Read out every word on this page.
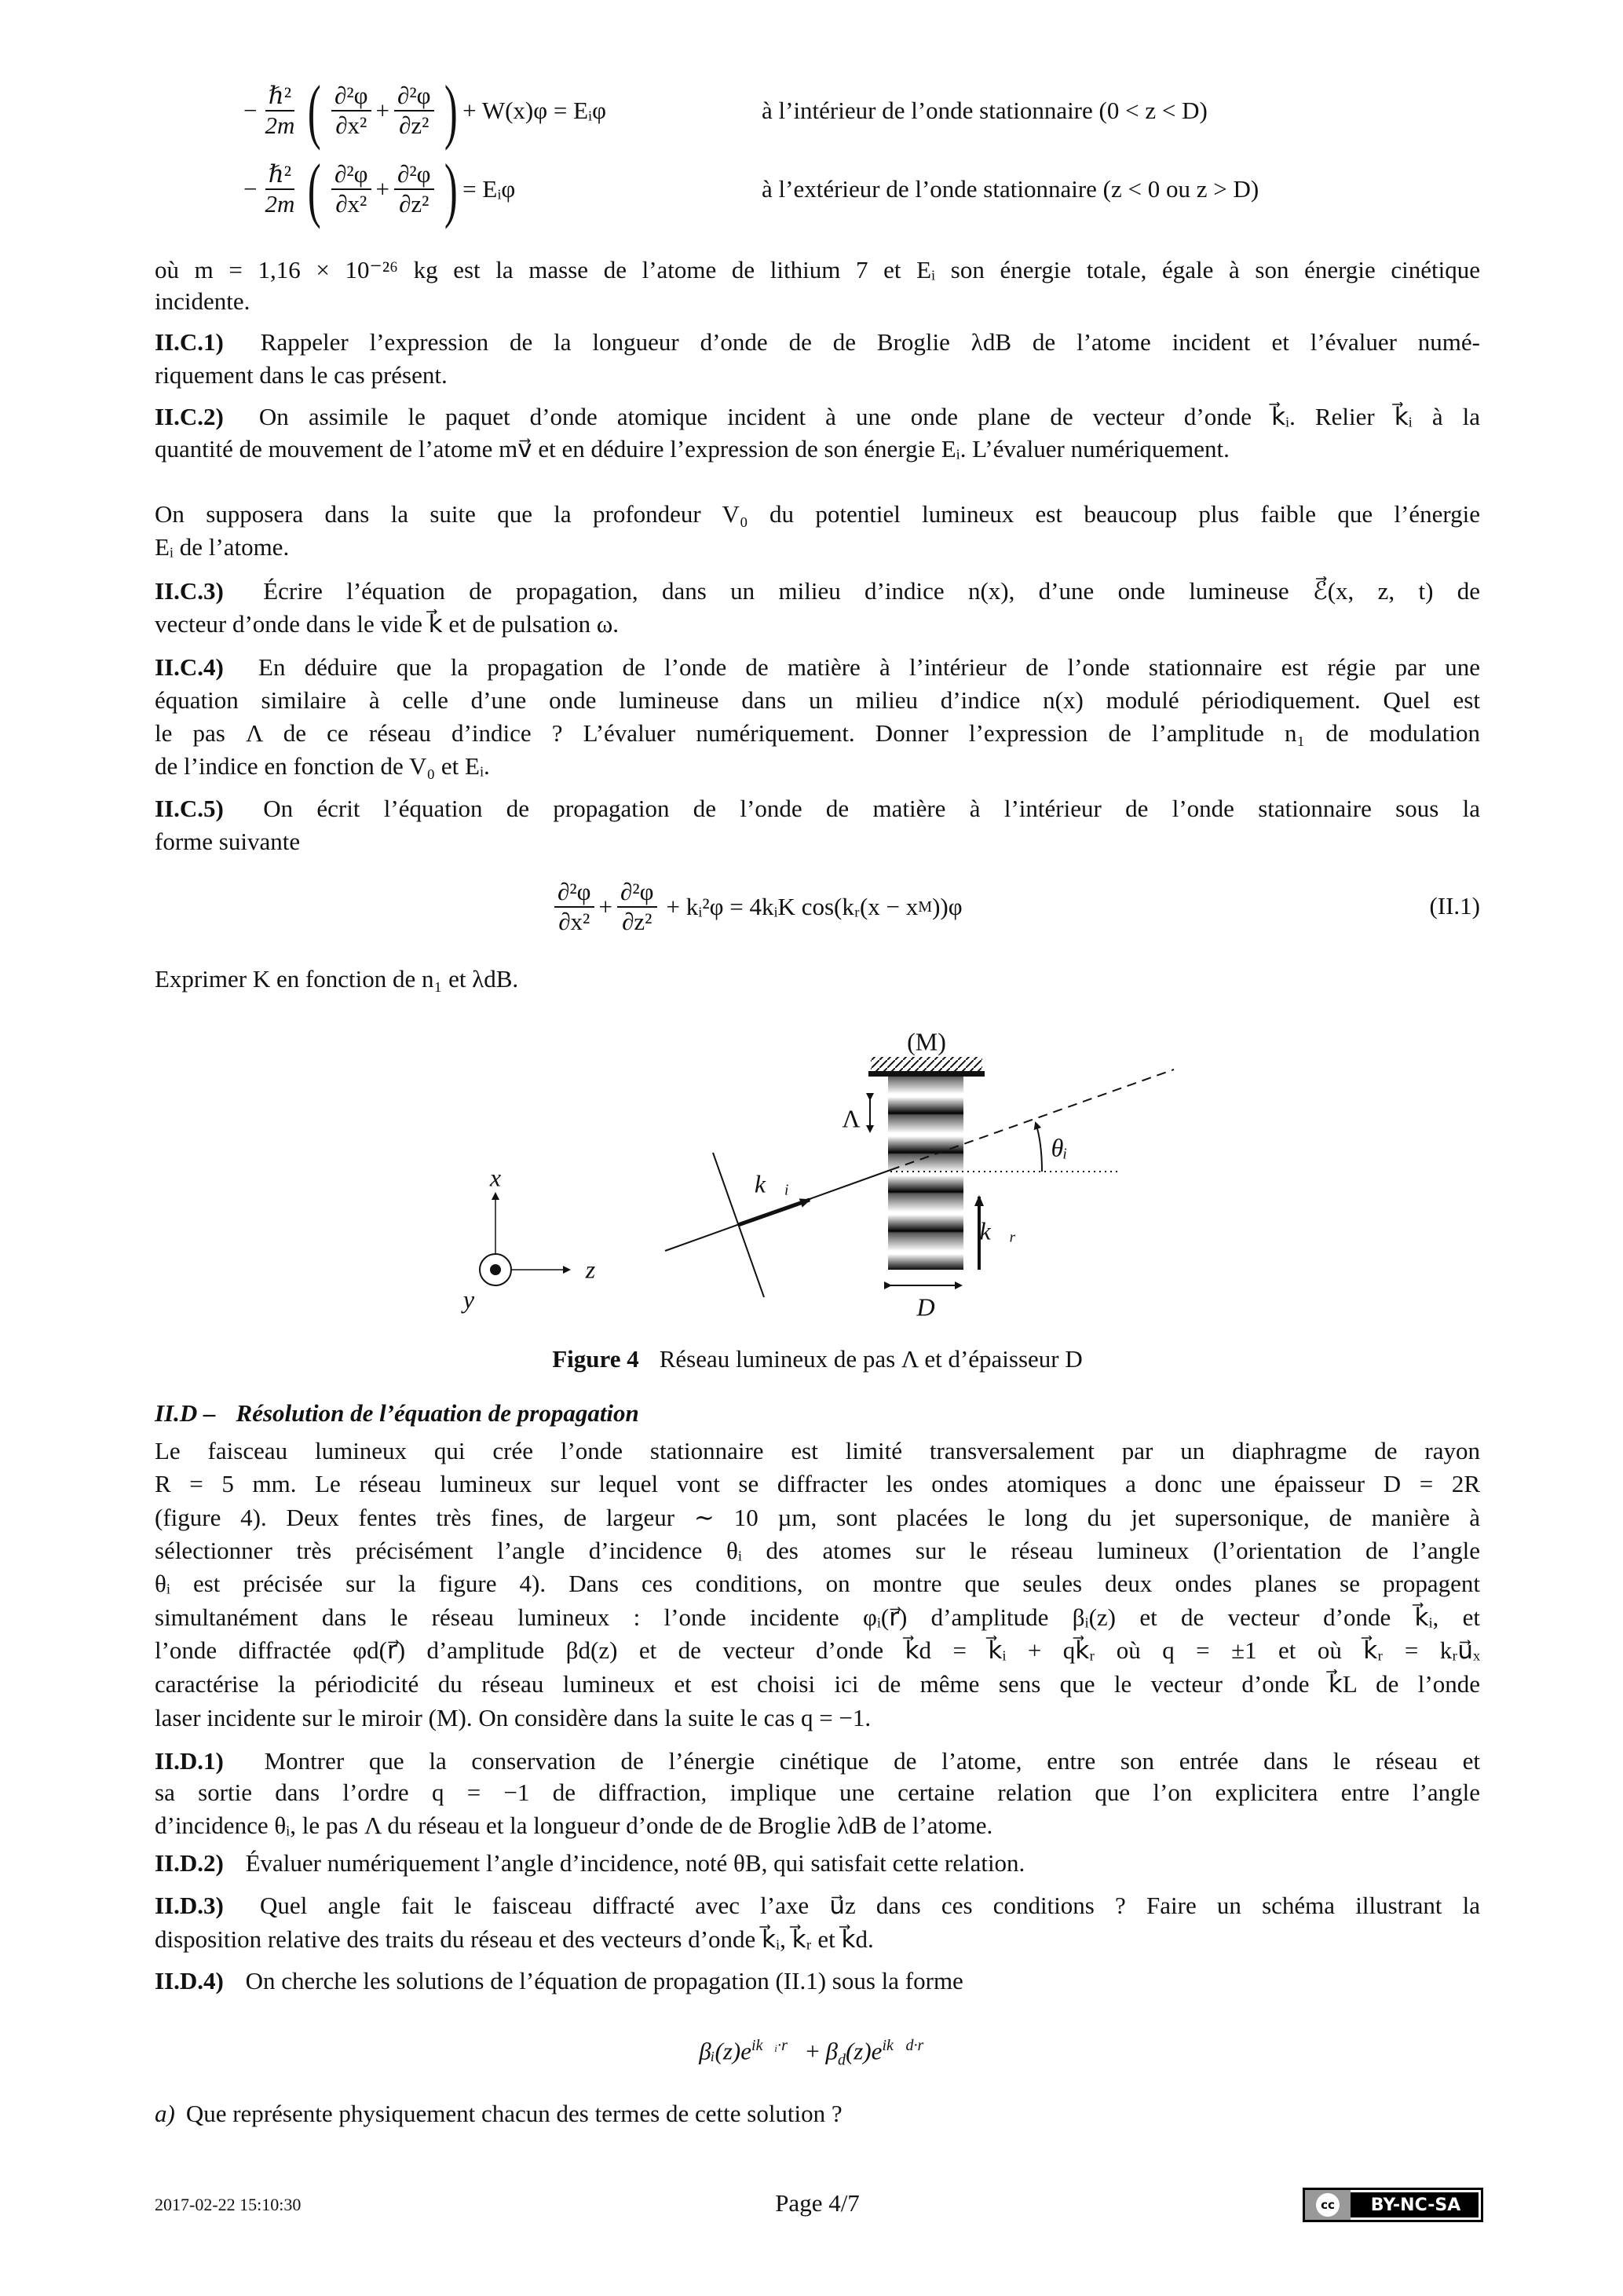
− $\frac{\text{ℏ²}}{2m}$ ( $\frac{\text{∂²φ}}{\text{∂x²}} + \frac{\text{∂²φ}}{\text{∂z²}}$ ) + W(x)φ = Eᵢφ	à l’intérieur de l’onde stationnaire (0 < z < D)
− $\frac{\text{ℏ²}}{2m}$ ( $\frac{\text{∂²φ}}{\text{∂x²}} + \frac{\text{∂²φ}}{\text{∂z²}}$ ) = Eᵢφ	à l’extérieur de l’onde stationnaire (z < 0 ou z > D)
où m = 1,16 × 10⁻²⁶ kg est la masse de l’atome de lithium 7 et Eᵢ son énergie totale, égale à son énergie cinétique
incidente.
II.C.1) Rappeler l’expression de la longueur d’onde de de Broglie λdB de l’atome incident et l’évaluer numé-
riquement dans le cas présent.
II.C.2) On assimile le paquet d’onde atomique incident à une onde plane de vecteur d’onde k⃗ᵢ. Relier k⃗ᵢ à la
quantité de mouvement de l’atome mv⃗ et en déduire l’expression de son énergie Eᵢ. L’évaluer numériquement.
On supposera dans la suite que la profondeur V₀ du potentiel lumineux est beaucoup plus faible que l’énergie
Eᵢ de l’atome.
II.C.3) Écrire l’équation de propagation, dans un milieu d’indice n(x), d’une onde lumineuse ℰ⃗(x, z, t) de
vecteur d’onde dans le vide k⃗ et de pulsation ω.
II.C.4) En déduire que la propagation de l’onde de matière à l’intérieur de l’onde stationnaire est régie par une
équation similaire à celle d’une onde lumineuse dans un milieu d’indice n(x) modulé périodiquement. Quel est
le pas Λ de ce réseau d’indice ? L’évaluer numériquement. Donner l’expression de l’amplitude n₁ de modulation
de l’indice en fonction de V₀ et Eᵢ.
II.C.5) On écrit l’équation de propagation de l’onde de matière à l’intérieur de l’onde stationnaire sous la
forme suivante
$\frac{\text{∂²φ}}{\text{∂x²}} + \frac{\text{∂²φ}}{\text{∂z²}}$ + kᵢ²φ = 4kᵢK cos(kᵣ(x − x M ))φ	(II.1)
Exprimer K en fonction de n₁ et λdB.
(M)
Λ
θᵢ
k⃗ᵢ
k⃗ᵣ
D
x
z
y
Figure 4 Réseau lumineux de pas Λ et d’épaisseur D
II.D – Résolution de l’équation de propagation
Le faisceau lumineux qui crée l’onde stationnaire est limité transversalement par un diaphragme de rayon
R = 5 mm. Le réseau lumineux sur lequel vont se diffracter les ondes atomiques a donc une épaisseur D = 2R
(figure 4). Deux fentes très fines, de largeur ∼ 10 µm, sont placées le long du jet supersonique, de manière à
sélectionner très précisément l’angle d’incidence θᵢ des atomes sur le réseau lumineux (l’orientation de l’angle
θᵢ est précisée sur la figure 4). Dans ces conditions, on montre que seules deux ondes planes se propagent
simultanément dans le réseau lumineux : l’onde incidente φᵢ(r⃗) d’amplitude βᵢ(z) et de vecteur d’onde k⃗ᵢ, et
l’onde diffractée φd(r⃗) d’amplitude βd(z) et de vecteur d’onde k⃗d = k⃗ᵢ + qk⃗ᵣ où q = ±1 et où k⃗ᵣ = kᵣu⃗ₓ
caractérise la périodicité du réseau lumineux et est choisi ici de même sens que le vecteur d’onde k⃗L de l’onde
laser incidente sur le miroir (M). On considère dans la suite le cas q = −1.
II.D.1) Montrer que la conservation de l’énergie cinétique de l’atome, entre son entrée dans le réseau et
sa sortie dans l’ordre q = −1 de diffraction, implique une certaine relation que l’on explicitera entre l’angle
d’incidence θᵢ, le pas Λ du réseau et la longueur d’onde de de Broglie λdB de l’atome.
II.D.2) Évaluer numériquement l’angle d’incidence, noté θB, qui satisfait cette relation.
II.D.3) Quel angle fait le faisceau diffracté avec l’axe u⃗z dans ces conditions ? Faire un schéma illustrant la
disposition relative des traits du réseau et des vecteurs d’onde k⃗ᵢ, k⃗ᵣ et k⃗d.
II.D.4) On cherche les solutions de l’équation de propagation (II.1) sous la forme
$\beta ᵢ(z)e^{ik⃗ᵢ\cdot r⃗} + \beta_d(z)e^{ik⃗d\cdot r⃗}$
a) Que représente physiquement chacun des termes de cette solution ?
2017-02-22 15:10:30	Page 4/7	cc	BY-NC-SA
